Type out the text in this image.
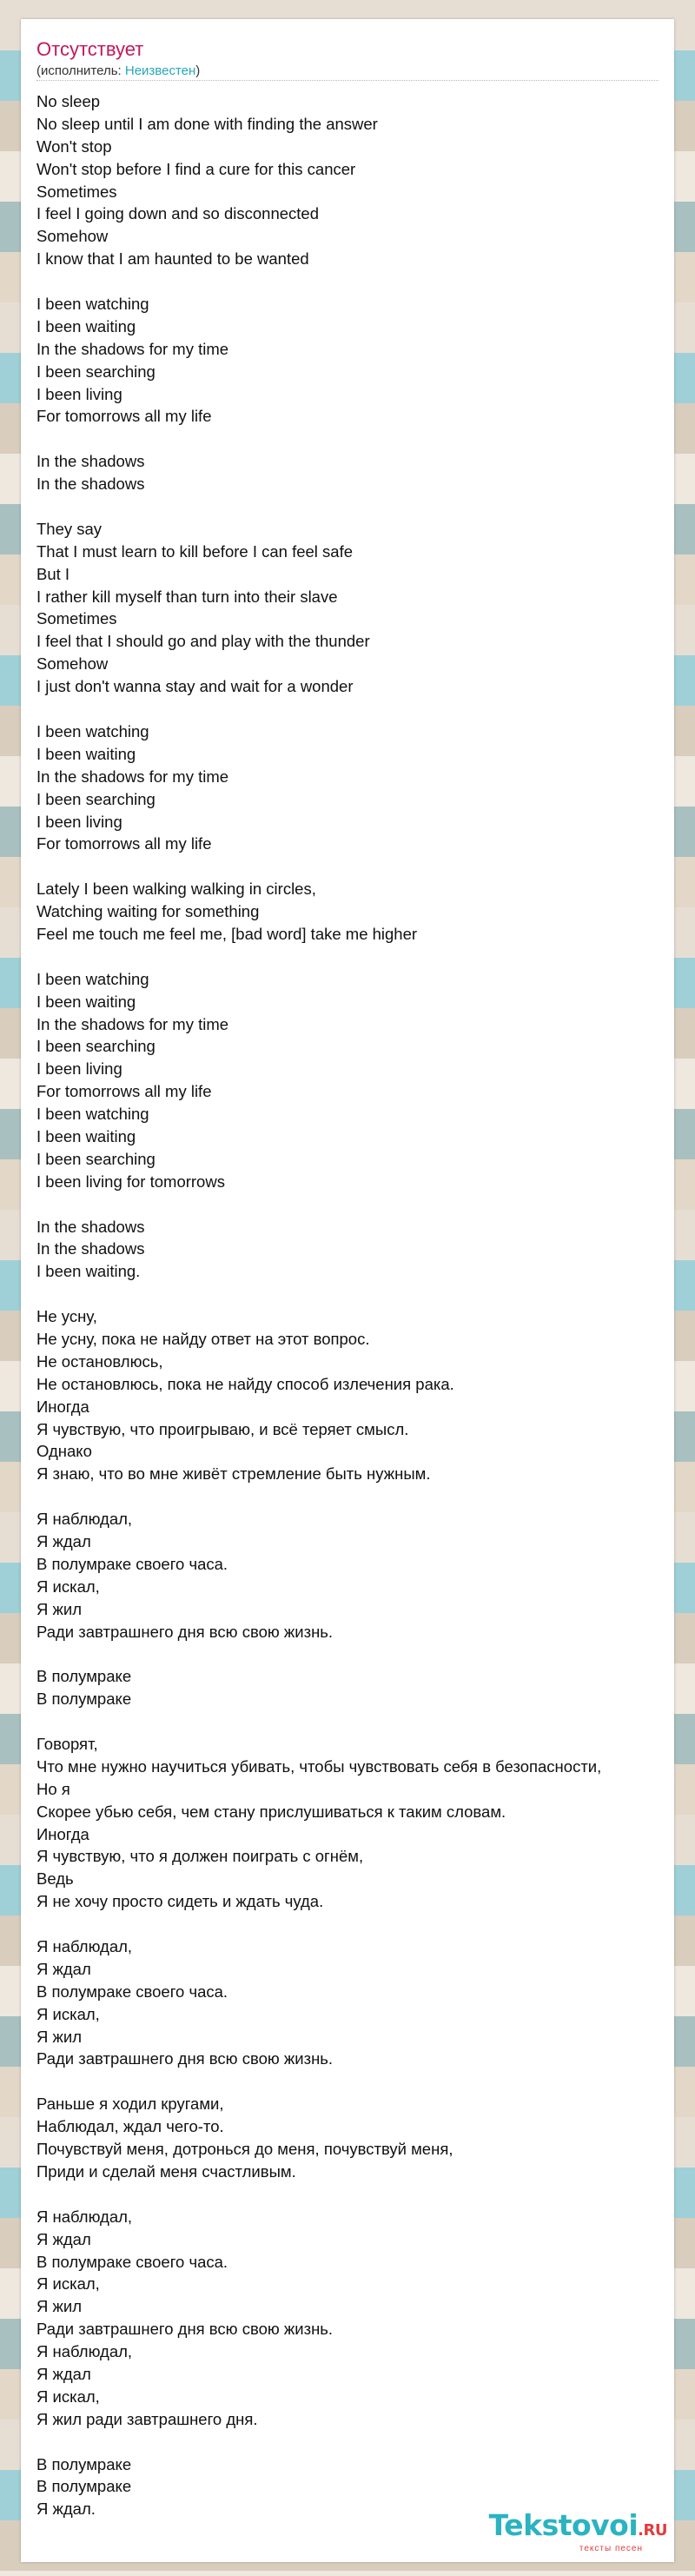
Отсутствует
(исполнитель: Неизвестен)
No sleep
No sleep until I am done with finding the answer
Won't stop
Won't stop before I find a cure for this cancer
Sometimes
I feel I going down and so disconnected
Somehow
I know that I am haunted to be wanted
I been watching
I been waiting
In the shadows for my time
I been searching
I been living
For tomorrows all my life
In the shadows
In the shadows
They say
That I must learn to kill before I can feel safe
But I
I rather kill myself than turn into their slave
Sometimes
I feel that I should go and play with the thunder
Somehow
I just don't wanna stay and wait for a wonder
I been watching
I been waiting
In the shadows for my time
I been searching
I been living
For tomorrows all my life
Lately I been walking walking in circles,
Watching waiting for something
Feel me touch me feel me, [bad word] take me higher
I been watching
I been waiting
In the shadows for my time
I been searching
I been living
For tomorrows all my life
I been watching
I been waiting
I been searching
I been living for tomorrows
In the shadows
In the shadows
I been waiting.
Не усну,
Не усну, пока не найду ответ на этот вопрос.
Не остановлюсь,
Не остановлюсь, пока не найду способ излечения рака.
Иногда
Я чувствую, что проигрываю, и всё теряет смысл.
Однако
Я знаю, что во мне живёт стремление быть нужным.
Я наблюдал,
Я ждал
В полумраке своего часа.
Я искал,
Я жил
Ради завтрашнего дня всю свою жизнь.
В полумраке
В полумраке
Говорят,
Что мне нужно научиться убивать, чтобы чувствовать себя в безопасности,
Но я
Скорее убью себя, чем стану прислушиваться к таким словам.
Иногда
Я чувствую, что я должен поиграть с огнём,
Ведь
Я не хочу просто сидеть и ждать чуда.
Я наблюдал,
Я ждал
В полумраке своего часа.
Я искал,
Я жил
Ради завтрашнего дня всю свою жизнь.
Раньше я ходил кругами,
Наблюдал, ждал чего-то.
Почувствуй меня, дотронься до меня, почувствуй меня,
Приди и сделай меня счастливым.
Я наблюдал,
Я ждал
В полумраке своего часа.
Я искал,
Я жил
Ради завтрашнего дня всю свою жизнь.
Я наблюдал,
Я ждал
Я искал,
Я жил ради завтрашнего дня.
В полумраке
В полумраке
Я ждал.	Tekstovoi.RU
тексты песен
